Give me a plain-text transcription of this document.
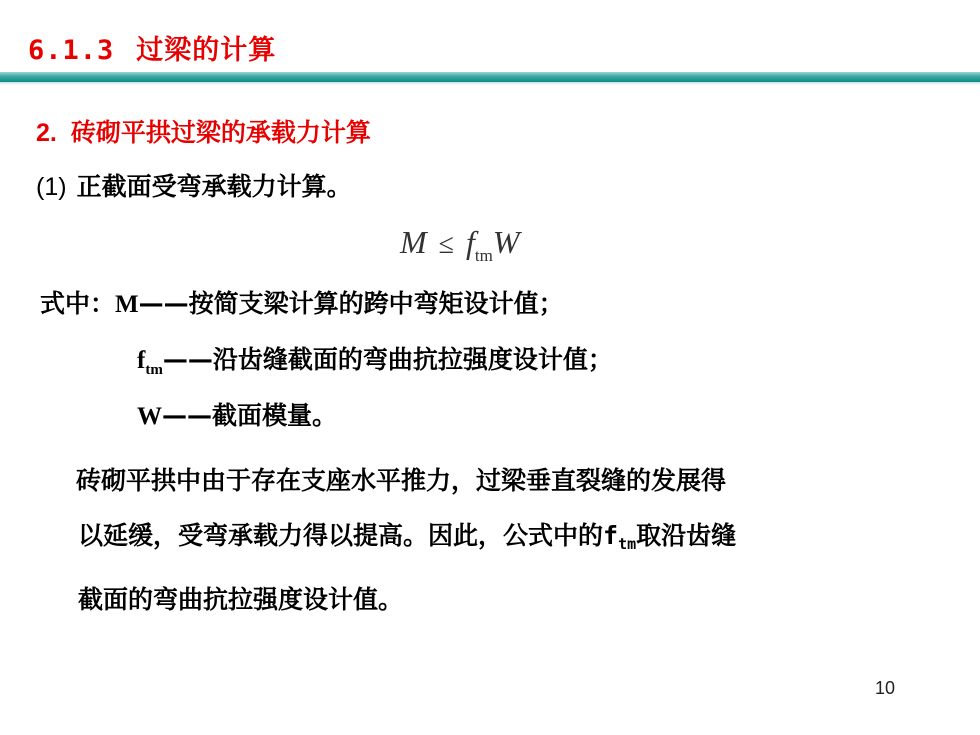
6.1.3 过梁的计算
2. 砖砌平拱过梁的承载力计算
(1) 正截面受弯承载力计算。
$M \le f_{tm}W$
式中：M——按简支梁计算的跨中弯矩设计值；
$f_{tm}——$沿齿缝截面的弯曲抗拉强度设计值；
W——截面模量。
砖砌平拱中由于存在支座水平推力，过梁垂直裂缝的发展得
以延缓，受弯承载力得以提高。因此，公式中的$f_{tm}$取沿齿缝
截面的弯曲抗拉强度设计值。
10
